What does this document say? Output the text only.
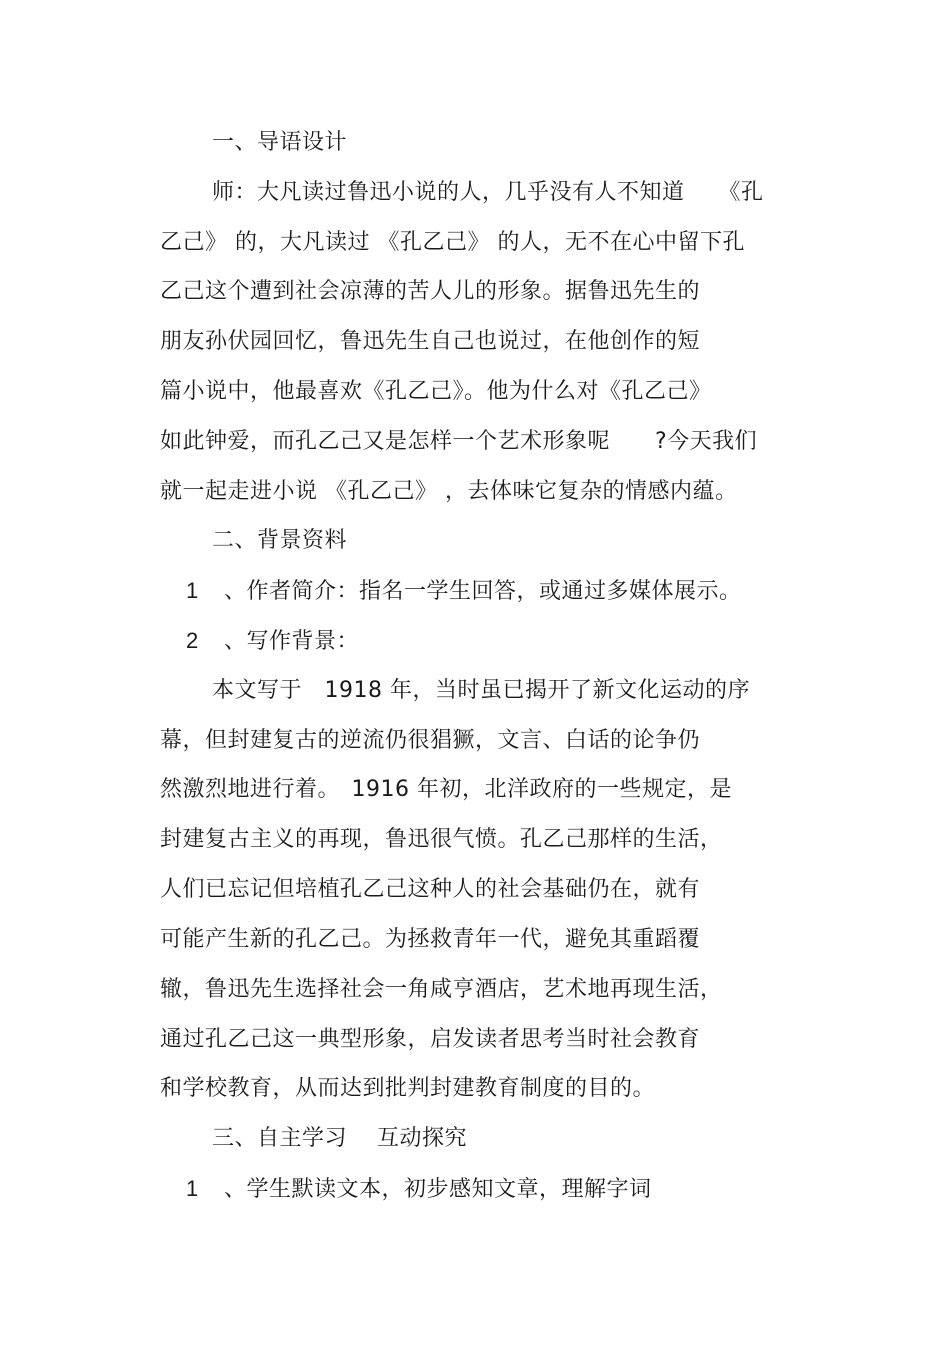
一、导语设计
师：大凡读过鲁迅小说的人，几乎没有人不知道　　《孔
乙己》 的，大凡读过 《孔乙己》 的人，无不在心中留下孔
乙己这个遭到社会凉薄的苦人儿的形象。据鲁迅先生的
朋友孙伏园回忆，鲁迅先生自己也说过，在他创作的短
篇小说中，他最喜欢《孔乙己》。他为什么对《孔乙己》
如此钟爱，而孔乙己又是怎样一个艺术形象呢　　?今天我们
就一起走进小说 《孔乙己》 ，去体味它复杂的情感内蕴。
二、背景资料
1 、作者简介：指名一学生回答，或通过多媒体展示。
2 、写作背景：
本文写于　1918 年，当时虽已揭开了新文化运动的序
幕，但封建复古的逆流仍很猖獗，文言、白话的论争仍
然激烈地进行着。　1916 年初，北洋政府的一些规定，是
封建复古主义的再现，鲁迅很气愤。孔乙己那样的生活，
人们已忘记但培植孔乙己这种人的社会基础仍在，就有
可能产生新的孔乙己。为拯救青年一代，避免其重蹈覆
辙，鲁迅先生选择社会一角咸亨酒店，艺术地再现生活，
通过孔乙己这一典型形象，启发读者思考当时社会教育
和学校教育，从而达到批判封建教育制度的目的。
三、自主学习　 互动探究
1 、学生默读文本，初步感知文章，理解字词
